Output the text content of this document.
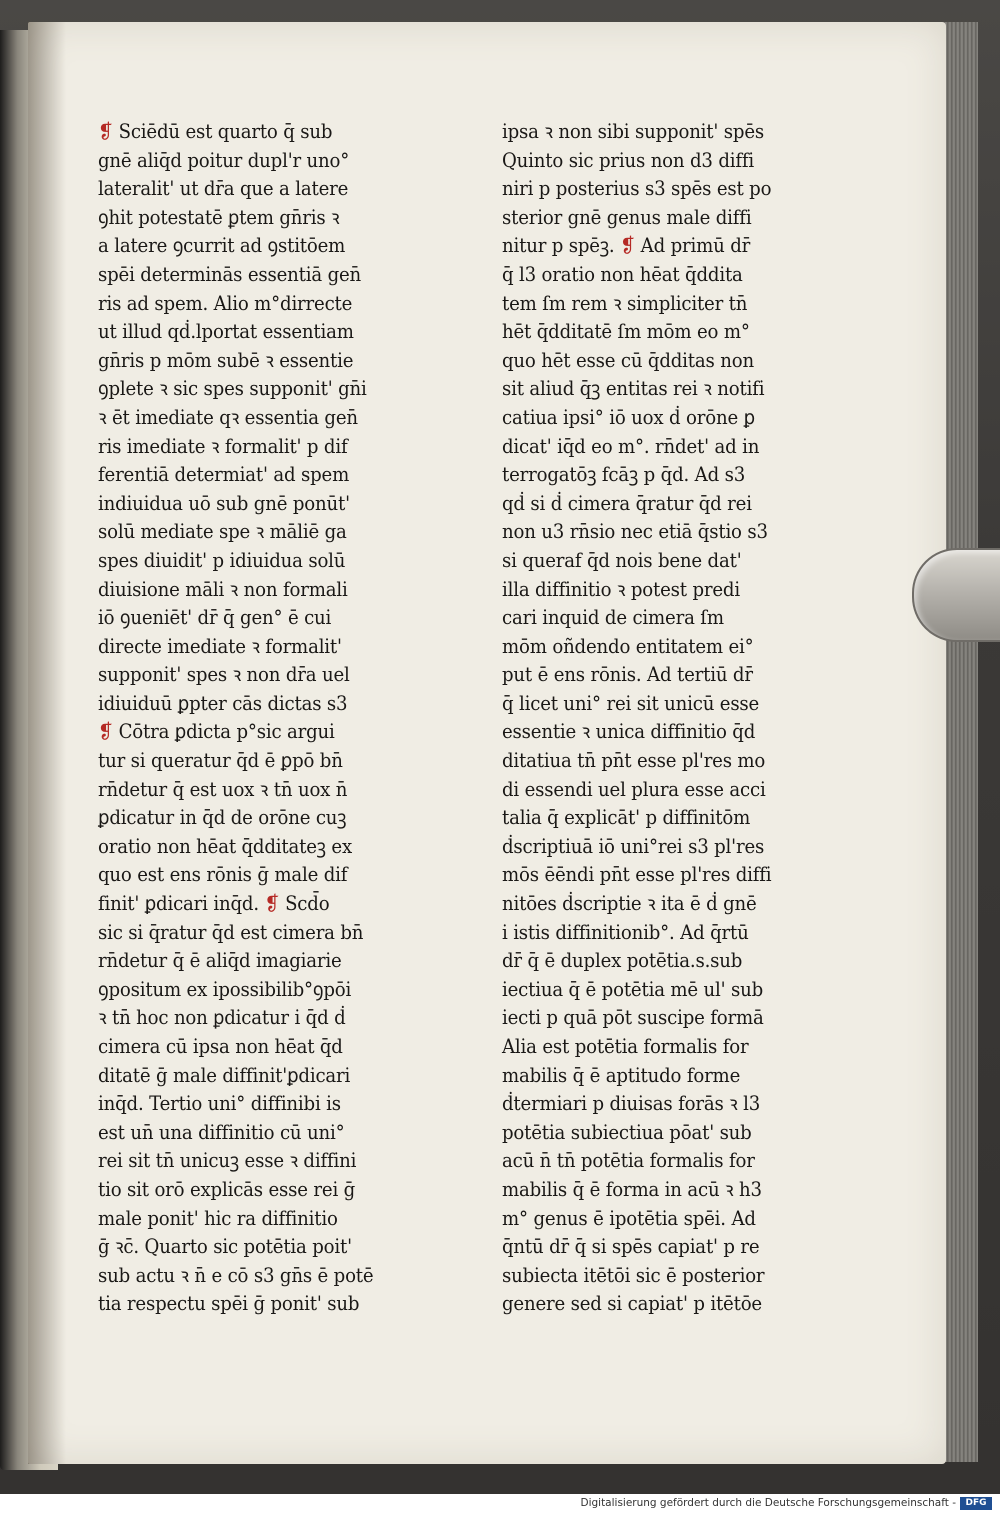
❡ Sciēdū est quarto q̄ sub
gnē aliq̄d poitur dupl'r uno°
lateralit' ut dr̄a que a latere
ꝯhit potestatē ꝑtem gn̄ris ꝛ
a latere ꝯcurrit ad ꝯstitōem
spēi determinās essentiā gen̄
ris ad spem. Alio m°dirrecte
ut illud qḋ.lportat essentiam
gn̄ris p mōm subē ꝛ essentie
ꝯplete ꝛ sic spes supponit' gn̄i
ꝛ ēt imediate qꝛ essentia gen̄
ris imediate ꝛ formalit' p dif
ferentiā determiat' ad spem
indiuidua uō sub gnē ponūt'
solū mediate spe ꝛ māliē ga
spes diuidit' p idiuidua solū
diuisione māli ꝛ non formali
iō ꝯueniēt' dr̄ q̄ gen° ē cui
directe imediate ꝛ formalit'
supponit' spes ꝛ non dr̄a uel
idiuiduū ꝑpter cās dictas s3
❡ Cōtra ꝑdicta p°sic argui
tur si queratur q̄d ē ꝑpō bn̄
rn̄detur q̄ est uox ꝛ tn̄ uox n̄
ꝑdicatur in q̄d de orōne cuꝫ
oratio non hēat q̄dditateꝫ ex
quo est ens rōnis ḡ male dif
finit' ꝑdicari inq̄d. ❡ Scd̄o
sic si q̄ratur q̄d est cimera bn̄
rn̄detur q̄ ē aliq̄d imagiarie
ꝯpositum ex ipossibilib°ꝯpōi
ꝛ tn̄ hoc non ꝑdicatur i q̄d ḋ
cimera cū ipsa non hēat q̄d
ditatē ḡ male diffinit'ꝑdicari
inq̄d. Tertio uni° diffinibi is
est un̄ una diffinitio cū uni°
rei sit tn̄ unicuꝫ esse ꝛ diffini
tio sit orō explicās esse rei ḡ
male ponit' hic ra diffinitio
ḡ ꝛc̄. Quarto sic potētia poit'
sub actu ꝛ n̄ e cō s3 gn̄s ē potē
tia respectu spēi ḡ ponit' sub
ipsa ꝛ non sibi supponit' spēs
Quinto sic prius non d3 diffi
niri p posterius s3 spēs est po
sterior gnē genus male diffi
nitur p spēꝫ. ❡ Ad primū dr̄
q̄ l3 oratio non hēat q̄ddita
tem ſm rem ꝛ simpliciter tn̄
hēt q̄dditatē ſm mōm eo m°
quo hēt esse cū q̄dditas non
sit aliud q̄ꝫ entitas rei ꝛ notifi
catiua ipsi° iō uox ḋ orōne ꝑ
dicat' iq̄d eo m°. rn̄det' ad in
terrogatōꝫ fcāꝫ p q̄d. Ad s3
qḋ si ḋ cimera q̄ratur q̄d rei
non u3 rn̄sio nec etiā q̄stio s3
si queraf q̄d nois bene dat'
illa diffinitio ꝛ potest predi
cari inquid de cimera ſm
mōm oñdendo entitatem ei°
put ē ens rōnis. Ad tertiū dr̄
q̄ licet uni° rei sit unicū esse
essentie ꝛ unica diffinitio q̄d
ditatiua tn̄ pn̄t esse pl'res mo
di essendi uel plura esse acci
talia q̄ explicāt' p diffinitōm
ḋscriptiuā iō uni°rei s3 pl'res
mōs ēēndi pn̄t esse pl'res diffi
nitōes ḋscriptie ꝛ ita ē ḋ gnē
i istis diffinitionib°. Ad q̄rtū
dr̄ q̄ ē duplex potētia.s.sub
iectiua q̄ ē potētia mē ul' sub
iecti p quā pōt suscipe formā
Alia est potētia formalis for
mabilis q̄ ē aptitudo forme
ḋtermiari p diuisas forās ꝛ l3
potētia subiectiua pōat' sub
acū n̄ tn̄ potētia formalis for
mabilis q̄ ē forma in acū ꝛ h3
m° genus ē ipotētia spēi. Ad
q̄ntū dr̄ q̄ si spēs capiat' p re
subiecta itētōi sic ē posterior
genere sed si capiat' p itētōe
Digitalisierung gefördert durch die Deutsche Forschungsgemeinschaft -	DFG
